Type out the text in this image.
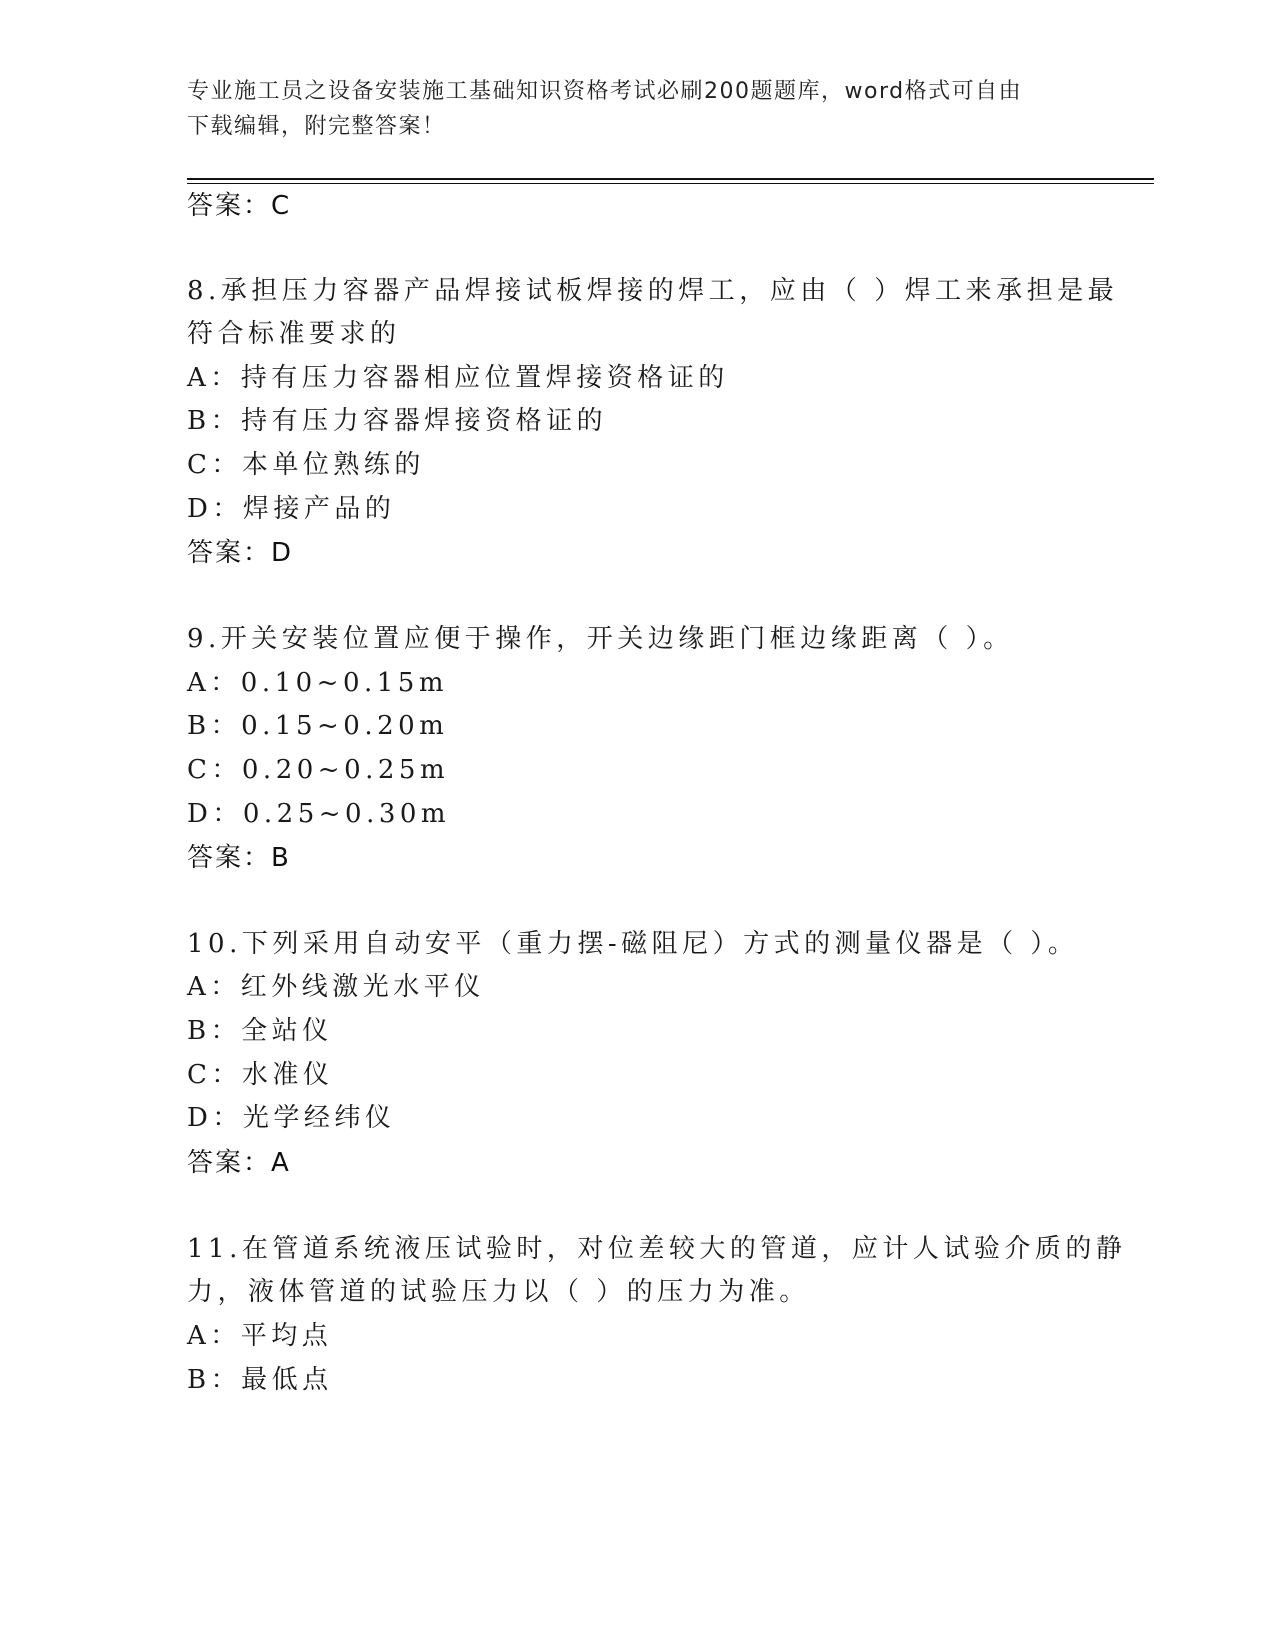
专业施工员之设备安装施工基础知识资格考试必刷200题题库，word格式可自由
下载编辑，附完整答案！
答案：C
8.承担压力容器产品焊接试板焊接的焊工，应由（ ）焊工来承担是最
符合标准要求的
A：持有压力容器相应位置焊接资格证的
B：持有压力容器焊接资格证的
C：本单位熟练的
D：焊接产品的
答案：D
9.开关安装位置应便于操作，开关边缘距门框边缘距离（ ）。
A：0.10~0.15m
B：0.15~0.20m
C：0.20~0.25m
D：0.25~0.30m
答案：B
10.下列采用自动安平（重力摆-磁阻尼）方式的测量仪器是（ ）。
A：红外线激光水平仪
B：全站仪
C：水准仪
D：光学经纬仪
答案：A
11.在管道系统液压试验时，对位差较大的管道，应计人试验介质的静
力，液体管道的试验压力以（ ）的压力为准。
A：平均点
B：最低点
